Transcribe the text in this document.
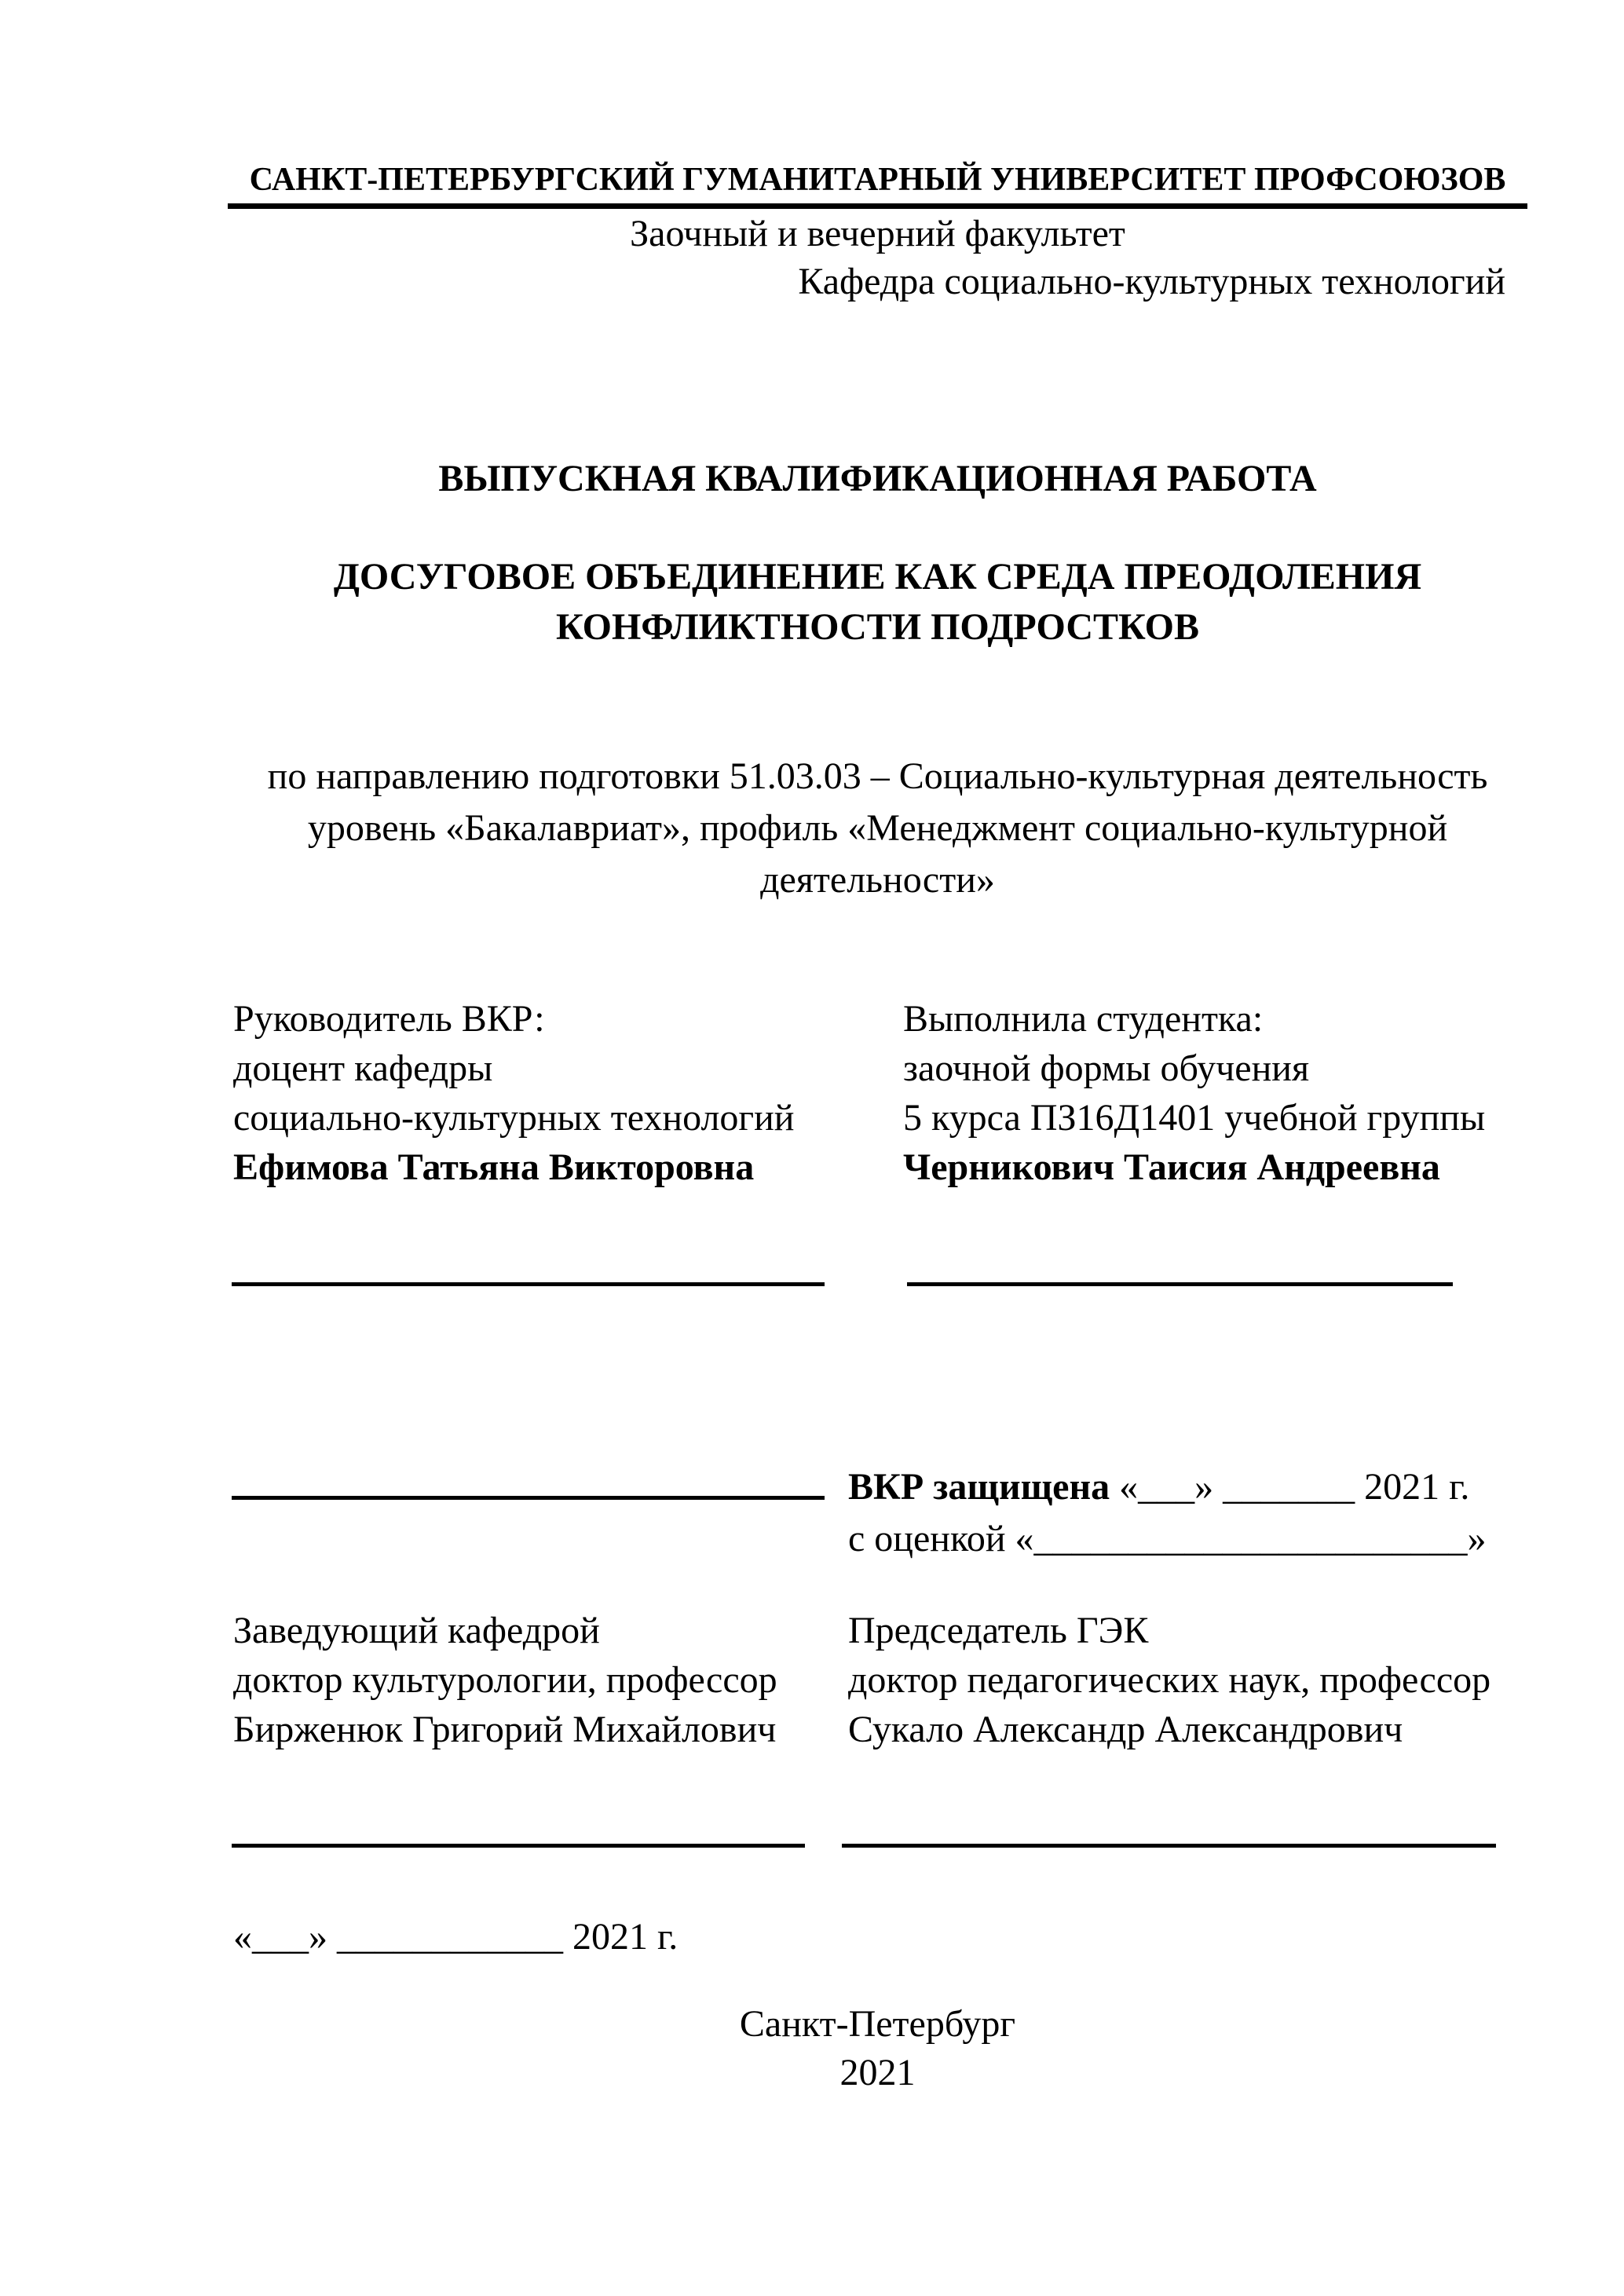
САНКТ-ПЕТЕРБУРГСКИЙ ГУМАНИТАРНЫЙ УНИВЕРСИТЕТ ПРОФСОЮЗОВ
Заочный и вечерний факультет
Кафедра социально-культурных технологий
ВЫПУСКНАЯ КВАЛИФИКАЦИОННАЯ РАБОТА
ДОСУГОВОЕ ОБЪЕДИНЕНИЕ КАК СРЕДА ПРЕОДОЛЕНИЯ
КОНФЛИКТНОСТИ ПОДРОСТКОВ
по направлению подготовки 51.03.03 – Социально-культурная деятельность
уровень «Бакалавриат», профиль «Менеджмент социально-культурной
деятельности»
Руководитель ВКР:
доцент кафедры
социально-культурных технологий
Ефимова Татьяна Викторовна
Выполнила студентка:
заочной формы обучения
5 курса ПЗ16Д1401 учебной группы
Черникович Таисия Андреевна
ВКР защищена «___» _______ 2021 г.
с оценкой «_______________________»
Заведующий кафедрой
доктор культурологии, профессор
Бирженюк Григорий Михайлович
Председатель ГЭК
доктор педагогических наук, профессор
Сукало Александр Александрович
«___» ____________ 2021 г.
Санкт-Петербург
2021
